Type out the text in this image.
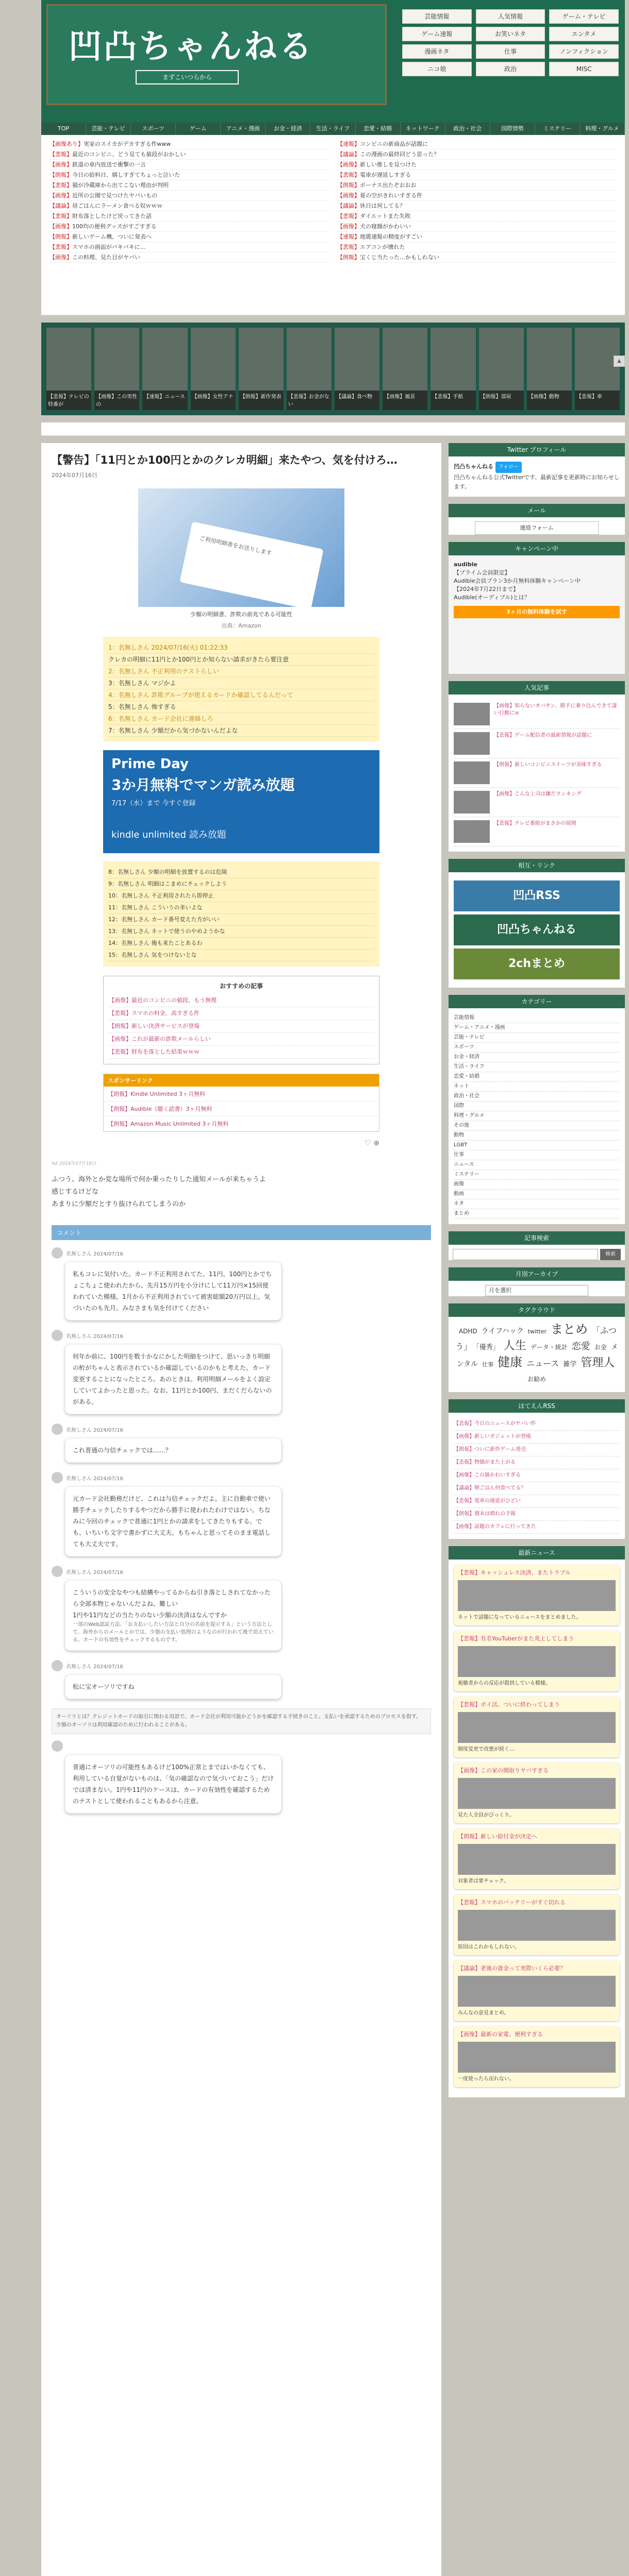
凹凸ちゃんねる
まずこいつらから
芸能情報	人気情報	ゲーム・テレビ
ゲーム速報	お笑いネタ	エンタメ
漫画ネタ	仕事	ノンフィクション
ニコ娘	政治	MISC
TOP	芸能・テレビ	スポーツ	ゲーム	アニメ・漫画	お金・経済	生活・ライフ	恋愛・結婚	ネットワーク	政治・社会	国際情勢	ミステリー	料理・グルメ
【画像あり】実家のスイカがデカすぎる件www
【悲報】最近のコンビニ、どう見ても値段がおかしい
【画像】鉄道の車内放送で衝撃の一言
【朗報】今日の給料日、嬉しすぎてちょっと泣いた
【悲報】猫が冷蔵庫から出てこない理由が判明
【画像】近所の公園で見つけたヤバいもの
【議論】昼ごはんにラーメン食べる奴ｗｗｗ
【悲報】財布落としたけど戻ってきた話
【画像】100均の便利グッズがすごすぎる
【朗報】新しいゲーム機、ついに発表へ
【悲報】スマホの画面がバキバキに…
【画像】この料理、見た目がヤバい
【速報】コンビニの新商品が話題に
【議論】この漫画の最終回どう思った？
【画像】新しい推しを見つけた
【悲報】電車が遅延しすぎる
【朗報】ボーナス出たぞおおお
【画像】夏の空がきれいすぎる件
【議論】休日は何してる？
【悲報】ダイエットまた失敗
【画像】犬の寝顔がかわいい
【速報】地震速報の精度がすごい
【悲報】エアコンが壊れた
【朗報】宝くじ当たった…かもしれない
【悲報】テレビの特番が
【画像】この男性の
【速報】ニュース	【画像】女性アナ	【朗報】新作発表	【悲報】お金がない
【議論】食べ物	【画像】風景	【悲報】手紙	【朗報】部屋	【画像】動物	【悲報】車
【警告】「11円とか100円とかのクレカ明細」来たやつ、気を付けろ…
2024年07月16日
ご利用明細書をお送りします
少額の明細書、詐欺の前兆である可能性
出典：Amazon

1：名無しさん 2024/07/16(火) 01:22:33

クレカの明細に11円とか100円とか知らない請求がきたら要注意

2：名無しさん 不正利用のテストらしい

3：名無しさん マジかよ

4：名無しさん 詐欺グループが使えるカードか確認してるんだって

5：名無しさん 怖すぎる

6：名無しさん カード会社に連絡しろ

7：名無しさん 少額だから気づかないんだよな

Prime Day
3か月無料でマンガ読み放題
7/17（水）まで 今すぐ登録
kindle unlimited 読み放題

8：名無しさん 少額の明細を放置するのは危険

9：名無しさん 明細はこまめにチェックしよう

10：名無しさん 不正利用されたら即停止

11：名無しさん こういうの多いよな

12：名無しさん カード番号変えた方がいい

13：名無しさん ネットで使うのやめようかな

14：名無しさん 俺も来たことあるわ

15：名無しさん 気をつけないとな

おすすめの記事

【画像】最近のコンビニの値段、もう無理

【悲報】スマホの料金、高すぎる件

【朗報】新しい決済サービスが登場

【画像】これが最新の詐欺メールらしい

【悲報】財布を落とした結果ｗｗｗ

スポンサーリンク

【朗報】Kindle Unlimited 3ヶ月無料

【朗報】Audible（聴く読書）3ヶ月無料

【朗報】Amazon Music Unlimited 3ヶ月無料

♡ ⊕
Ad 2024年07月16日

ふつう、海外とか変な場所で何か乗ったりした通知メールが来ちゃうよ

感じするけどな

あまりに少額だとすり抜けられてしまうのか

コメント
名無しさん 2024/07/16

私もコレに気付いた。カード不正利用されてた。11円、100円とかでちょこちょこ使われたから、先月15万円を小分けにして11万円×15回使われていた模様。1月から不正利用されていて被害総額20万円以上。気づいたのも先月。みなさまも気を付けてください

名無しさん 2024/07/16

何年か前に、100円を数十かなにかした明細をつけて、思いっきり明細の桁がちゃんと表示されているか確認しているのかもと考えた。カード変更することになったところ。あのときは。利用明細メールをよく設定していてよかったと思った。なお、11円とか100円、まだくだらないのがある。

名無しさん 2024/07/16

これ普通の与信チェックでは……？

名無しさん 2024/07/16

元カード会社勤務だけど、これは与信チェックだよ。主に自動車で使い勝手チェックしたりするやつだから勝手に使われたわけではない。ちなみに今回のチェックで普通に1円とかの請求をしてきたりもする。でも、いちいち文字で書かずに大丈夫。もちゃんと思ってそのまま電話しても大丈夫です。

名無しさん 2024/07/16

こういうの安全なやつも結構やってるからね引き落としされてなかったら全部本物じゃないんだよね、難しい

1円や11円などの当たりのない少額の決済はなんですか

一部のWeb認証方法、「お支払いしたい方法と自分の名前を提示する」という方法として、海外からのメールとかでは、少額の支払い処理のようなのが行われて後で消えている、カードの有効性をチェックするものです。

名無しさん 2024/07/16

松に宝オーソリですね

オーソリとは？クレジットカードの取引に関わる用語で、カード会社が利用可能かどうかを確認する手続きのこと。支払いを承認するためのプロセスを指す。少額のオーソリは利用確認のために行われることがある。
普通にオーソリの可能性もあるけど100%正常とまではいかなくても、利用している自覚がないものは、「気の確認なので気づいておこう」だけでは済まない。1円や11円のケースは、カードの有効性を確認するためのテストとして使われることもあるから注意。
Twitter プロフィール
凹凸ちゃんねる フォロー

凹凸ちゃんねる公式Twitterです。最新記事を更新時にお知らせします。

メール
連絡フォーム
キャンペーン中
audible

【プライム会員限定】

Audible会員プラン3か月無料体験キャンペーン中

【2024年7月22日まで】

Audible(オーディブル)とは？

3ヶ月の無料体験を試す
人気記事
【画像】知らないオバサン、勝手に乗り込んできて凄い行動にｗ
【悲報】ゲーム配信者の最新情報が話題に
【朗報】新しいコンビニスイーツが美味すぎる
【画像】こんな上司は嫌だランキング
【悲報】テレビ番組がまさかの展開
相互・リンク
凹凸RSS
凹凸ちゃんねる
2chまとめ
カテゴリー
芸能情報
ゲーム・アニメ・漫画
芸能・テレビ
スポーツ
お金・経済
生活・ライフ
恋愛・結婚
ネット
政治・社会
国際
料理・グルメ
その他
動物
LGBT
仕事
ニュース
ミステリー
画像
動画
ネタ
まとめ
記事検索
検索
月別アーカイブ
月を選択
タグクラウド
ADHD ライフハック twitter まとめ 「ふつう」 「優秀」 人生 データ・統計 恋愛 お金 メンタル 仕事 健康 ニュース 雑学 管理人お勧め
ほてえんRSS
【悲報】今日のニュースがヤバい件
【画像】新しいガジェットが登場
【朗報】ついに新作ゲーム発売
【悲報】物価がまた上がる
【画像】この猫かわいすぎる
【議論】朝ごはん何食べてる？
【悲報】電車の遅延がひどい
【朗報】週末は晴れの予報
【画像】話題のカフェに行ってきた
最新ニュース
【悲報】キャッシュレス決済、またトラブル
ネットで話題になっているニュースをまとめました。
【悲報】有名YouTuberがまた炎上してしまう
視聴者からの反応が殺到している模様。
【悲報】ポイ活、ついに終わってしまう
制度変更で改悪が続く…
【画像】この家の間取りヤバすぎる
見た人全員がびっくり。
【朗報】新しい給付金が決定へ
対象者は要チェック。
【悲報】スマホのバッテリーがすぐ切れる
原因はこれかもしれない。
【議論】老後の資金って実際いくら必要？
みんなの意見まとめ。
【画像】最新の家電、便利すぎる
一度使ったら戻れない。
▲
